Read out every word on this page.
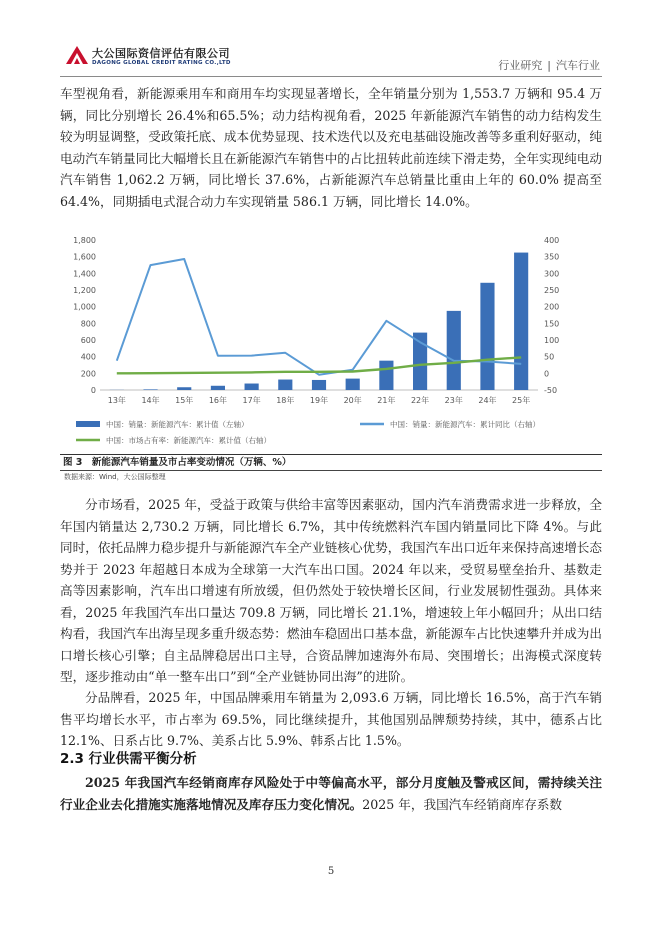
大公国际资信评估有限公司
DAGONG GLOBAL CREDIT RATING CO.,LTD	行业研究 | 汽车行业

车型视角看，新能源乘用车和商用车均实现显著增长，全年销量分别为 1,553.7 万辆和 95.4 万辆，同比分别增长 26.4%和65.5%；动力结构视角看，2025 年新能源汽车销售的动力结构发生较为明显调整，受政策托底、成本优势显现、技术迭代以及充电基础设施改善等多重利好驱动，纯电动汽车销量同比大幅增长且在新能源汽车销售中的占比扭转此前连续下滑走势，全年实现纯电动汽车销售 1,062.2 万辆，同比增长 37.6%，占新能源汽车总销量比重由上年的 60.0% 提高至 64.4%，同期插电式混合动力车实现销量 586.1 万辆，同比增长 14.0%。

0
200
400
600
800
1,000
1,200
1,400
1,600
1,800
-50
0
50
100
150
200
250
300
350
400
13年 14年 15年 16年 17年 18年 19年 20年 21年 22年 23年 24年 25年
中国：销量：新能源汽车：累计值（左轴）	中国：销量：新能源汽车：累计同比（右轴）
中国：市场占有率：新能源汽车：累计值（右轴）
图 3　新能源汽车销量及市占率变动情况（万辆、%）
数据来源：Wind，大公国际整理

分市场看，2025 年，受益于政策与供给丰富等因素驱动，国内汽车消费需求进一步释放，全年国内销量达 2,730.2 万辆，同比增长 6.7%，其中传统燃料汽车国内销量同比下降 4%。与此同时，依托品牌力稳步提升与新能源汽车全产业链核心优势，我国汽车出口近年来保持高速增长态势并于 2023 年超越日本成为全球第一大汽车出口国。2024 年以来，受贸易壁垒抬升、基数走高等因素影响，汽车出口增速有所放缓，但仍然处于较快增长区间，行业发展韧性强劲。具体来看，2025 年我国汽车出口量达 709.8 万辆，同比增长 21.1%，增速较上年小幅回升；从出口结构看，我国汽车出海呈现多重升级态势：燃油车稳固出口基本盘，新能源车占比快速攀升并成为出口增长核心引擎；自主品牌稳居出口主导，合资品牌加速海外布局、突围增长；出海模式深度转型，逐步推动由“单一整车出口”到“全产业链协同出海”的进阶。

分品牌看，2025 年，中国品牌乘用车销量为 2,093.6 万辆，同比增长 16.5%，高于汽车销售平均增长水平，市占率为 69.5%，同比继续提升，其他国别品牌颓势持续，其中，德系占比 12.1%、日系占比 9.7%、美系占比 5.9%、韩系占比 1.5%。

2.3 行业供需平衡分析

2025 年我国汽车经销商库存风险处于中等偏高水平，部分月度触及警戒区间，需持续关注行业企业去化措施实施落地情况及库存压力变化情况。2025 年，我国汽车经销商库存系数

5
